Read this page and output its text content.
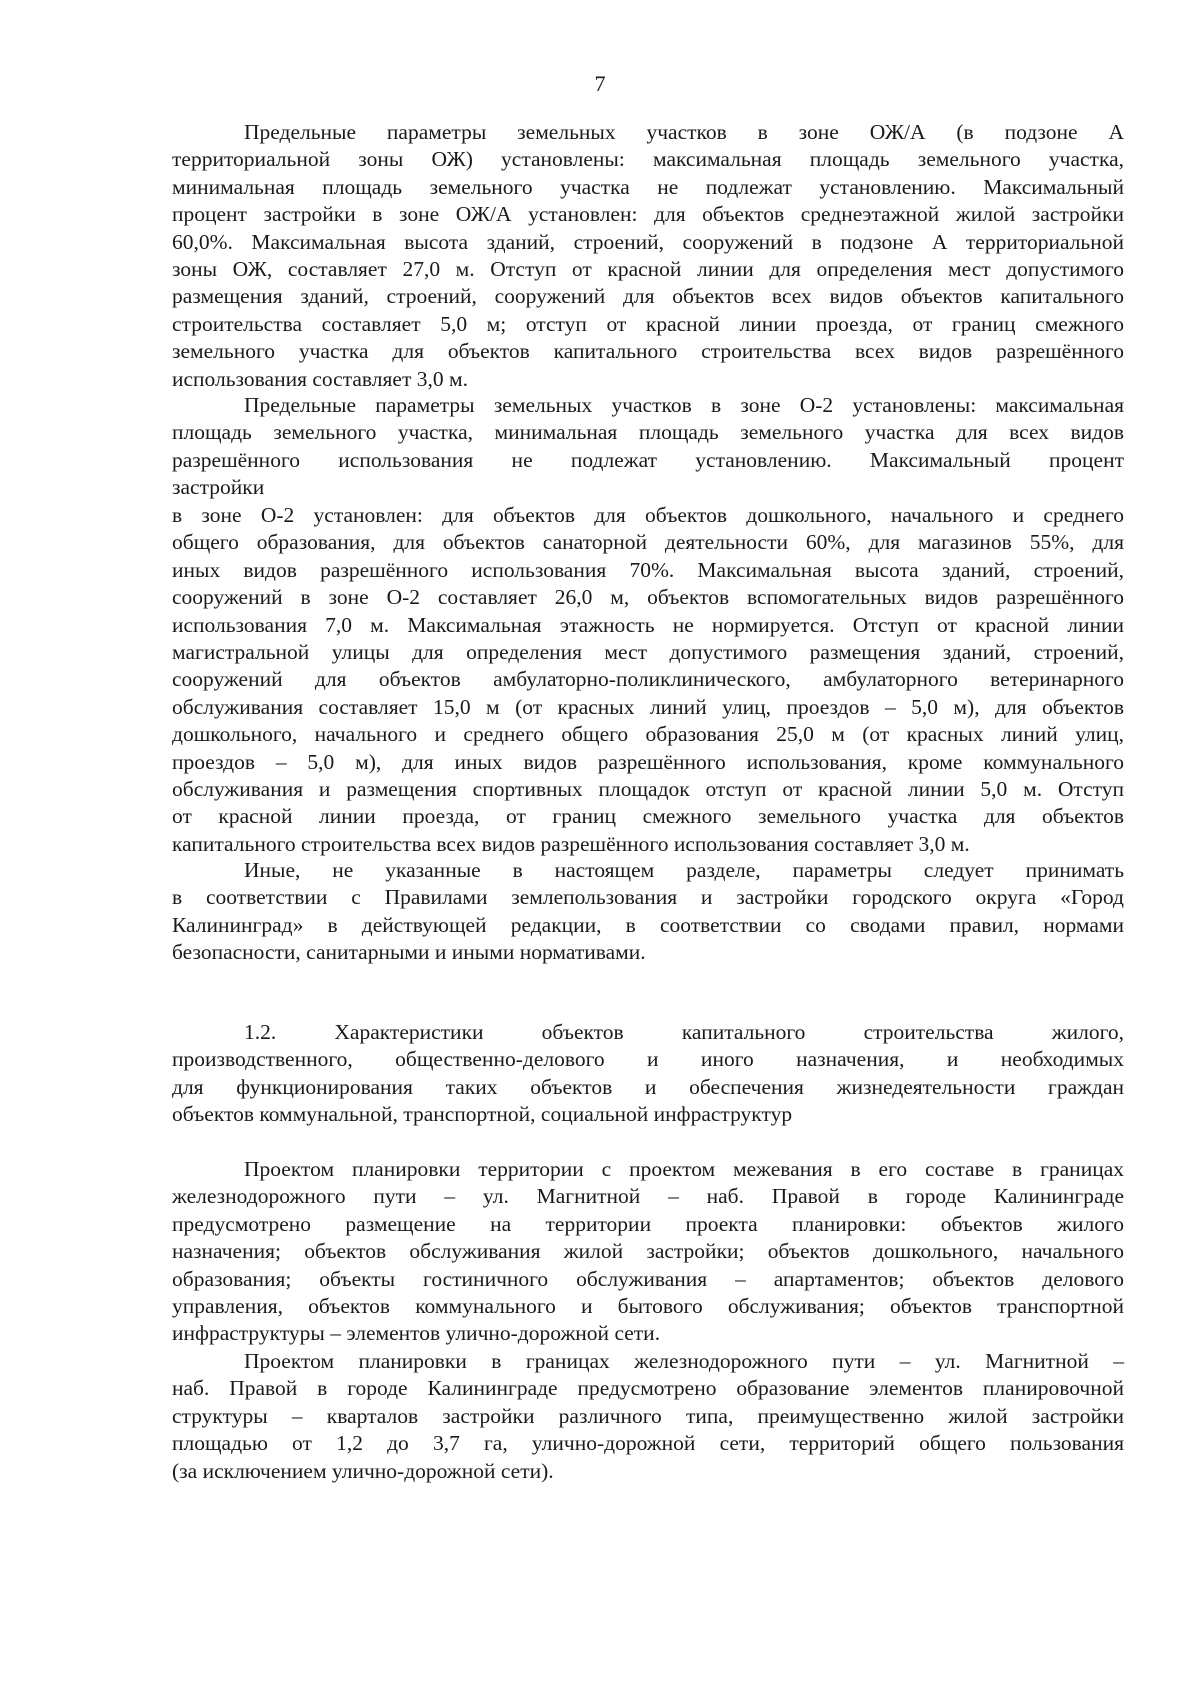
7
Предельные параметры земельных участков в зоне ОЖ/А (в подзоне А
территориальной зоны ОЖ) установлены: максимальная площадь земельного участка,
минимальная площадь земельного участка не подлежат установлению. Максимальный
процент застройки в зоне ОЖ/А установлен: для объектов среднеэтажной жилой застройки
60,0%. Максимальная высота зданий, строений, сооружений в подзоне А территориальной
зоны ОЖ, составляет 27,0 м. Отступ от красной линии для определения мест допустимого
размещения зданий, строений, сооружений для объектов всех видов объектов капитального
строительства составляет 5,0 м; отступ от красной линии проезда, от границ смежного
земельного участка для объектов капитального строительства всех видов разрешённого
использования составляет 3,0 м.
Предельные параметры земельных участков в зоне О-2 установлены: максимальная
площадь земельного участка, минимальная площадь земельного участка для всех видов
разрешённого использования не подлежат установлению. Максимальный процент
застройки
в зоне О-2 установлен: для объектов для объектов дошкольного, начального и среднего
общего образования, для объектов санаторной деятельности 60%, для магазинов 55%, для
иных видов разрешённого использования 70%. Максимальная высота зданий, строений,
сооружений в зоне О-2 составляет 26,0 м, объектов вспомогательных видов разрешённого
использования 7,0 м. Максимальная этажность не нормируется. Отступ от красной линии
магистральной улицы для определения мест допустимого размещения зданий, строений,
сооружений для объектов амбулаторно-поликлинического, амбулаторного ветеринарного
обслуживания составляет 15,0 м (от красных линий улиц, проездов – 5,0 м), для объектов
дошкольного, начального и среднего общего образования 25,0 м (от красных линий улиц,
проездов – 5,0 м), для иных видов разрешённого использования, кроме коммунального
обслуживания и размещения спортивных площадок отступ от красной линии 5,0 м. Отступ
от красной линии проезда, от границ смежного земельного участка для объектов
капитального строительства всех видов разрешённого использования составляет 3,0 м.
Иные, не указанные в настоящем разделе, параметры следует принимать
в соответствии с Правилами землепользования и застройки городского округа «Город
Калининград» в действующей редакции, в соответствии со сводами правил, нормами
безопасности, санитарными и иными нормативами.
1.2. Характеристики объектов капитального строительства жилого,
производственного, общественно-делового и иного назначения, и необходимых
для функционирования таких объектов и обеспечения жизнедеятельности граждан
объектов коммунальной, транспортной, социальной инфраструктур
Проектом планировки территории с проектом межевания в его составе в границах
железнодорожного пути – ул. Магнитной – наб. Правой в городе Калининграде
предусмотрено размещение на территории проекта планировки: объектов жилого
назначения; объектов обслуживания жилой застройки; объектов дошкольного, начального
образования; объекты гостиничного обслуживания – апартаментов; объектов делового
управления, объектов коммунального и бытового обслуживания; объектов транспортной
инфраструктуры – элементов улично-дорожной сети.
Проектом планировки в границах железнодорожного пути – ул. Магнитной –
наб. Правой в городе Калининграде предусмотрено образование элементов планировочной
структуры – кварталов застройки различного типа, преимущественно жилой застройки
площадью от 1,2 до 3,7 га, улично-дорожной сети, территорий общего пользования
(за исключением улично-дорожной сети).
